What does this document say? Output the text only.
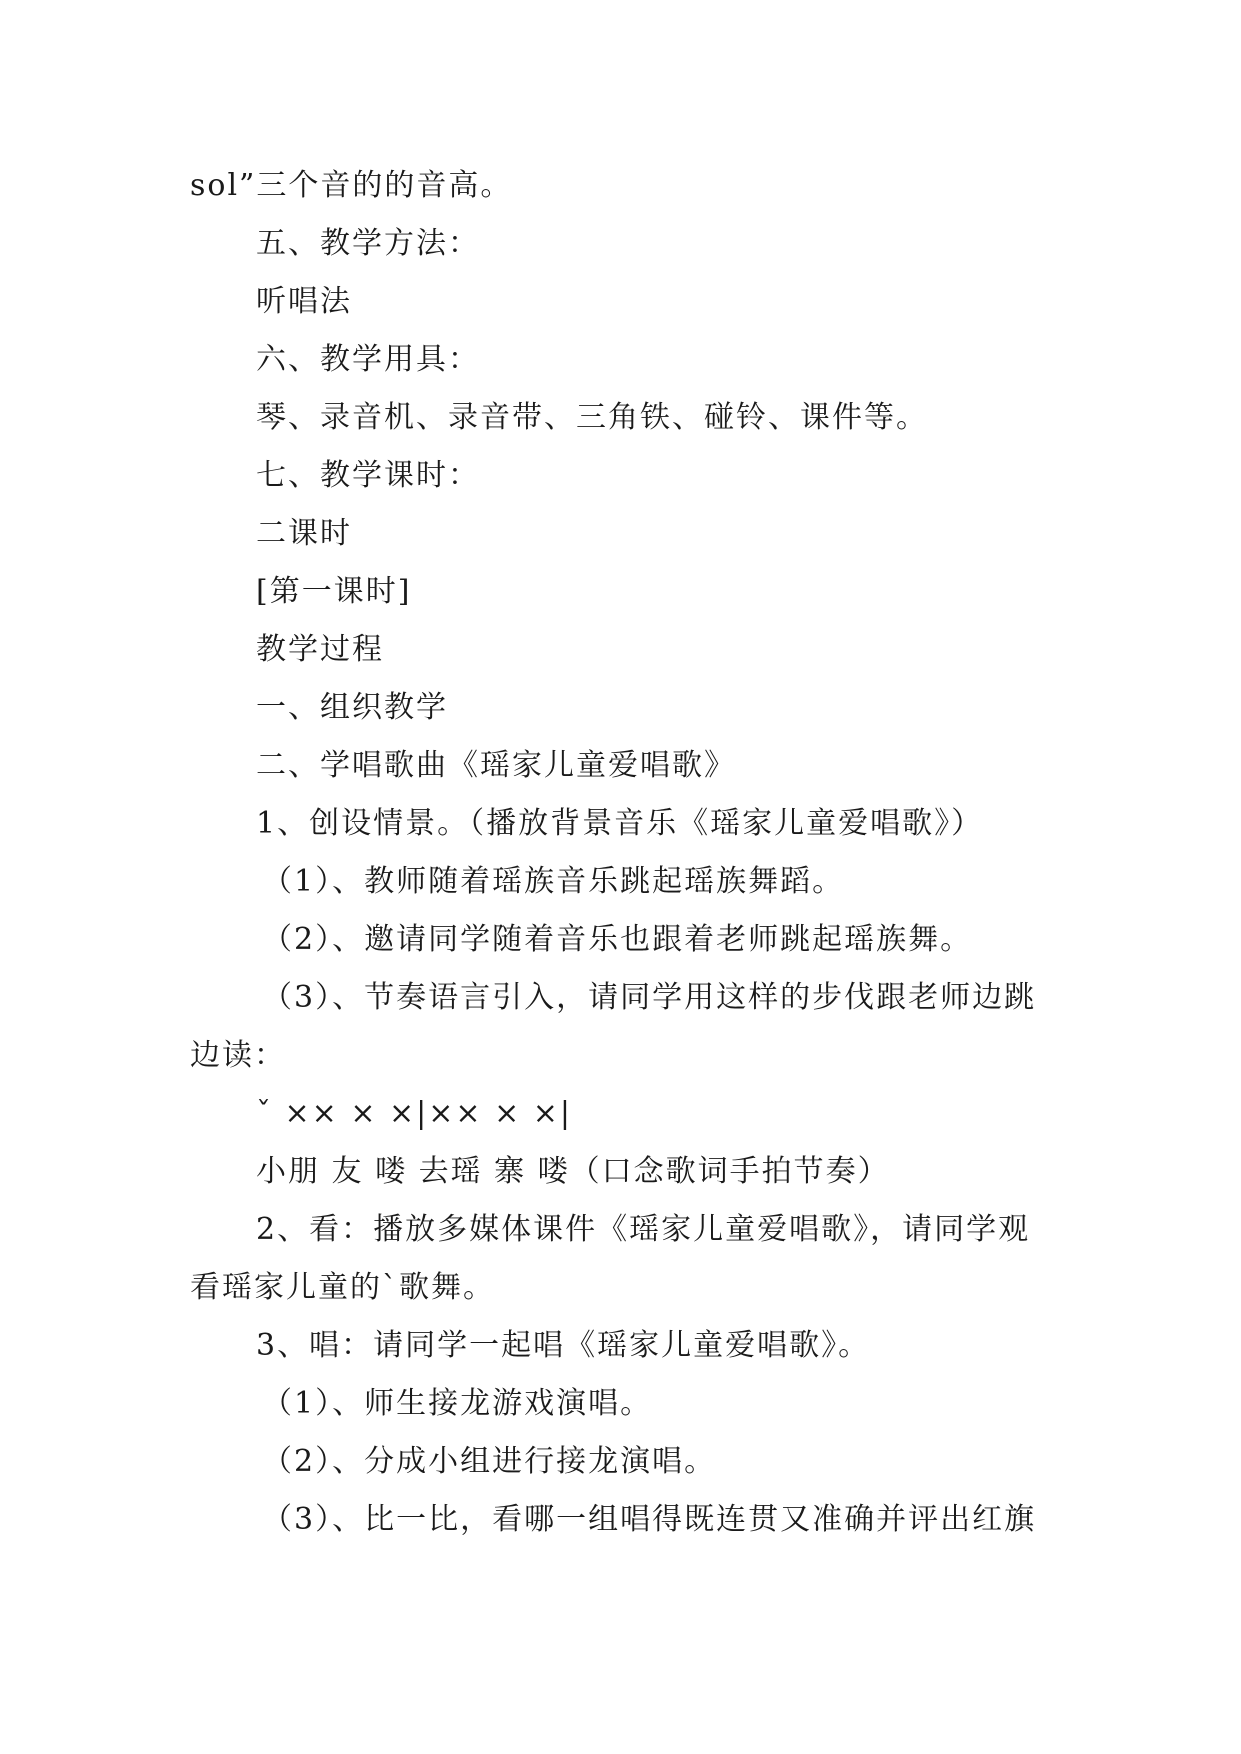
sol”三个音的的音高。
五、教学方法：
听唱法
六、教学用具：
琴、录音机、录音带、三角铁、碰铃、课件等。
七、教学课时：
二课时
[第一课时]
教学过程
一、组织教学
二、学唱歌曲《瑶家儿童爱唱歌》
1、创设情景。（播放背景音乐《瑶家儿童爱唱歌》）
（1）、教师随着瑶族音乐跳起瑶族舞蹈。
（2）、邀请同学随着音乐也跟着老师跳起瑶族舞。
（3）、节奏语言引入，请同学用这样的步伐跟老师边跳
边读：
ˇ ×× × ×|×× × ×|
小朋 友 喽 去瑶 寨 喽（口念歌词手拍节奏）
2、看：播放多媒体课件《瑶家儿童爱唱歌》，请同学观
看瑶家儿童的`歌舞。
3、唱：请同学一起唱《瑶家儿童爱唱歌》。
（1）、师生接龙游戏演唱。
（2）、分成小组进行接龙演唱。
（3）、比一比，看哪一组唱得既连贯又准确并评出红旗
